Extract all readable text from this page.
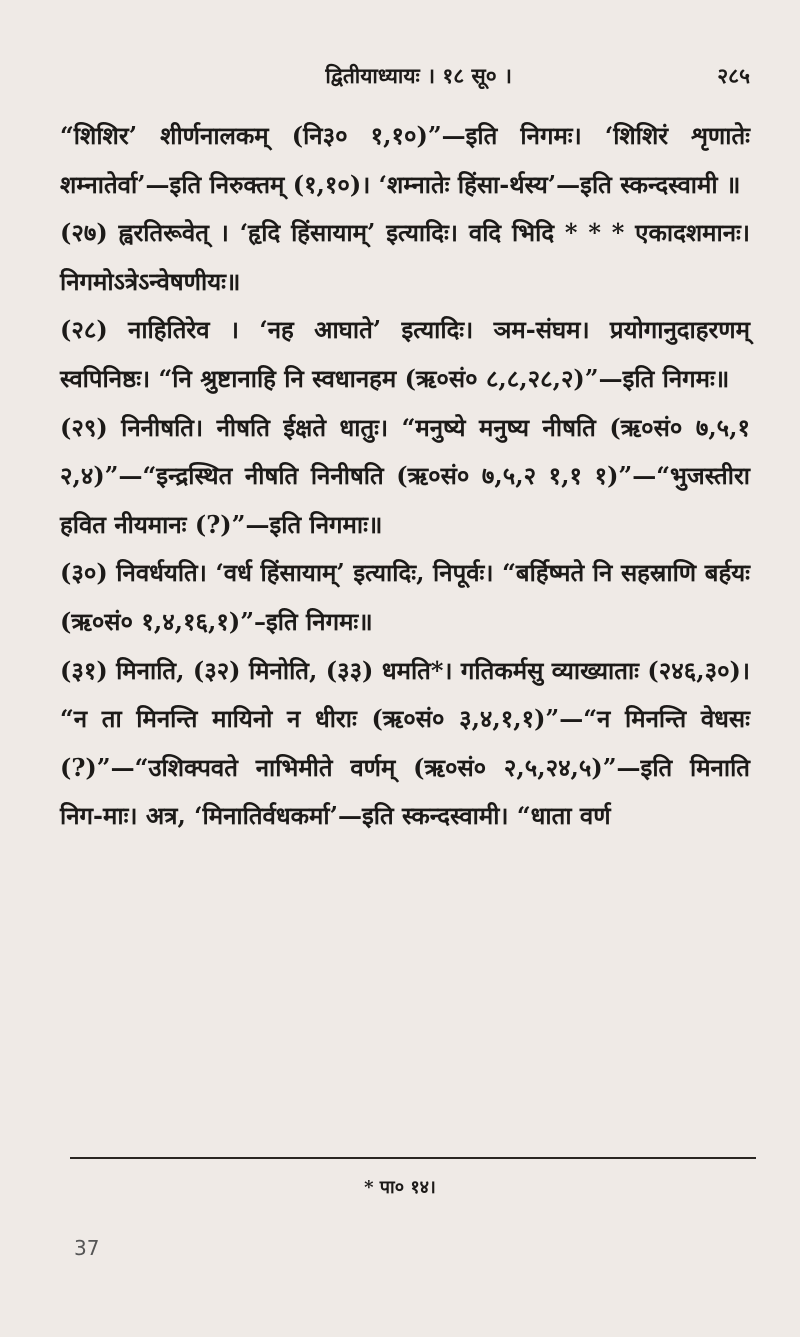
द्वितीयाध्यायः । १८ सू० ।	२८५

“शिशिर’ शीर्णनालकम् (नि३० १,१०)”—इति निगमः। ‘शिशिरं शृणातेः शम्नातेर्वा’—इति निरुक्तम् (१,१०)। ‘शम्नातेः हिंसा-र्थस्य’—इति स्कन्दस्वामी ॥

(२७) ह्वरतिरूवेत् । ‘हृदि हिंसायाम्’ इत्यादिः। वदि भिदि * * * एकादशमानः। निगमोऽत्रेऽन्वेषणीयः॥

(२८) नाहितिरेव । ‘नह आघाते’ इत्यादिः। ञम-संघम। प्रयोगानुदाहरणम् स्वपिनिष्ठः। “नि श्रुष्टानाहि नि स्वधानहम (ऋ०सं० ८,८,२८,२)”—इति निगमः॥

(२९) निनीषति। नीषति ईक्षते धातुः। “मनुष्ये मनुष्य नीषति (ऋ०सं० ७,५,१ २,४)”—“इन्द्रस्थित नीषति निनीषति (ऋ०सं० ७,५,२ १,१ १)”—“भुजस्तीरा हवित नीयमानः (?)”—इति निगमाः॥

(३०) निवर्धयति। ‘वर्ध हिंसायाम्’ इत्यादिः, निपूर्वः। “बर्हिष्मते नि सहस्राणि बर्हयः (ऋ०सं० १,४,१६,१)”–इति निगमः॥

(३१) मिनाति, (३२) मिनोति, (३३) धमति*। गतिकर्मसु व्याख्याताः (२४६,३०)। “न ता मिनन्ति मायिनो न धीराः (ऋ०सं० ३,४,१,१)”—“न मिनन्ति वेधसः (?)”—“उशिक्पवते नाभिमीते वर्णम् (ऋ०सं० २,५,२४,५)”—इति मिनाति निग-माः। अत्र, ‘मिनातिर्वधकर्मा’—इति स्कन्दस्वामी। “धाता वर्ण

* पा० १४।
37
